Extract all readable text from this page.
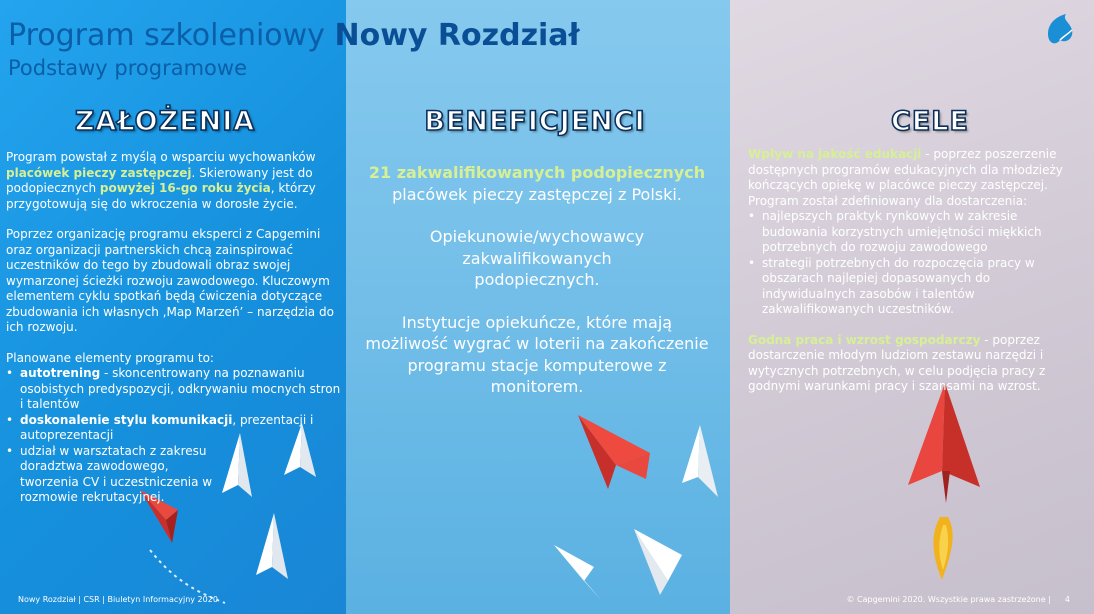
Program szkoleniowy Nowy Rozdział
Podstawy programowe
ZAŁOŻENIA	BENEFICJENCI	CELE

Program powstał z myślą o wsparciu wychowanków placówek pieczy zastępczej. Skierowany jest do podopiecznych powyżej 16-go roku życia, którzy przygotowują się do wkroczenia w dorosłe życie.

Poprzez organizację programu eksperci z Capgemini oraz organizacji partnerskich chcą zainspirować uczestników do tego by zbudowali obraz swojej wymarzonej ścieżki rozwoju zawodowego. Kluczowym elementem cyklu spotkań będą ćwiczenia dotyczące zbudowania ich własnych ‚Map Marzeń’ – narzędzia do ich rozwoju.

Planowane elementy programu to:
• autotrening - skoncentrowany na poznawaniu osobistych predyspozycji, odkrywaniu mocnych stron i talentów
• doskonalenie stylu komunikacji, prezentacji i autoprezentacji
• udział w warsztatach z zakresu doradztwa zawodowego, tworzenia CV i uczestniczenia w rozmowie rekrutacyjnej.

21 zakwalifikowanych podopiecznych placówek pieczy zastępczej z Polski.

Opiekunowie/wychowawcy zakwalifikowanych podopiecznych.

Instytucje opiekuńcze, które mają możliwość wygrać w loterii na zakończenie programu stacje komputerowe z monitorem.

Wpływ na jakość edukacji - poprzez poszerzenie dostępnych programów edukacyjnych dla młodzieży kończących opiekę w placówce pieczy zastępczej.
Program został zdefiniowany dla dostarczenia:
• najlepszych praktyk rynkowych w zakresie budowania korzystnych umiejętności miękkich potrzebnych do rozwoju zawodowego
• strategii potrzebnych do rozpoczęcia pracy w obszarach najlepiej dopasowanych do indywidualnych zasobów i talentów zakwalifikowanych uczestników.
Godna praca i wzrost gospodarczy - poprzez dostarczenie młodym ludziom zestawu narzędzi i wytycznych potrzebnych, w celu podjęcia pracy z godnymi warunkami pracy i szansami na wzrost.
Nowy Rozdział | CSR | Biuletyn Informacyjny 2020	© Capgemini 2020. Wszystkie prawa zastrzeżone | 4
